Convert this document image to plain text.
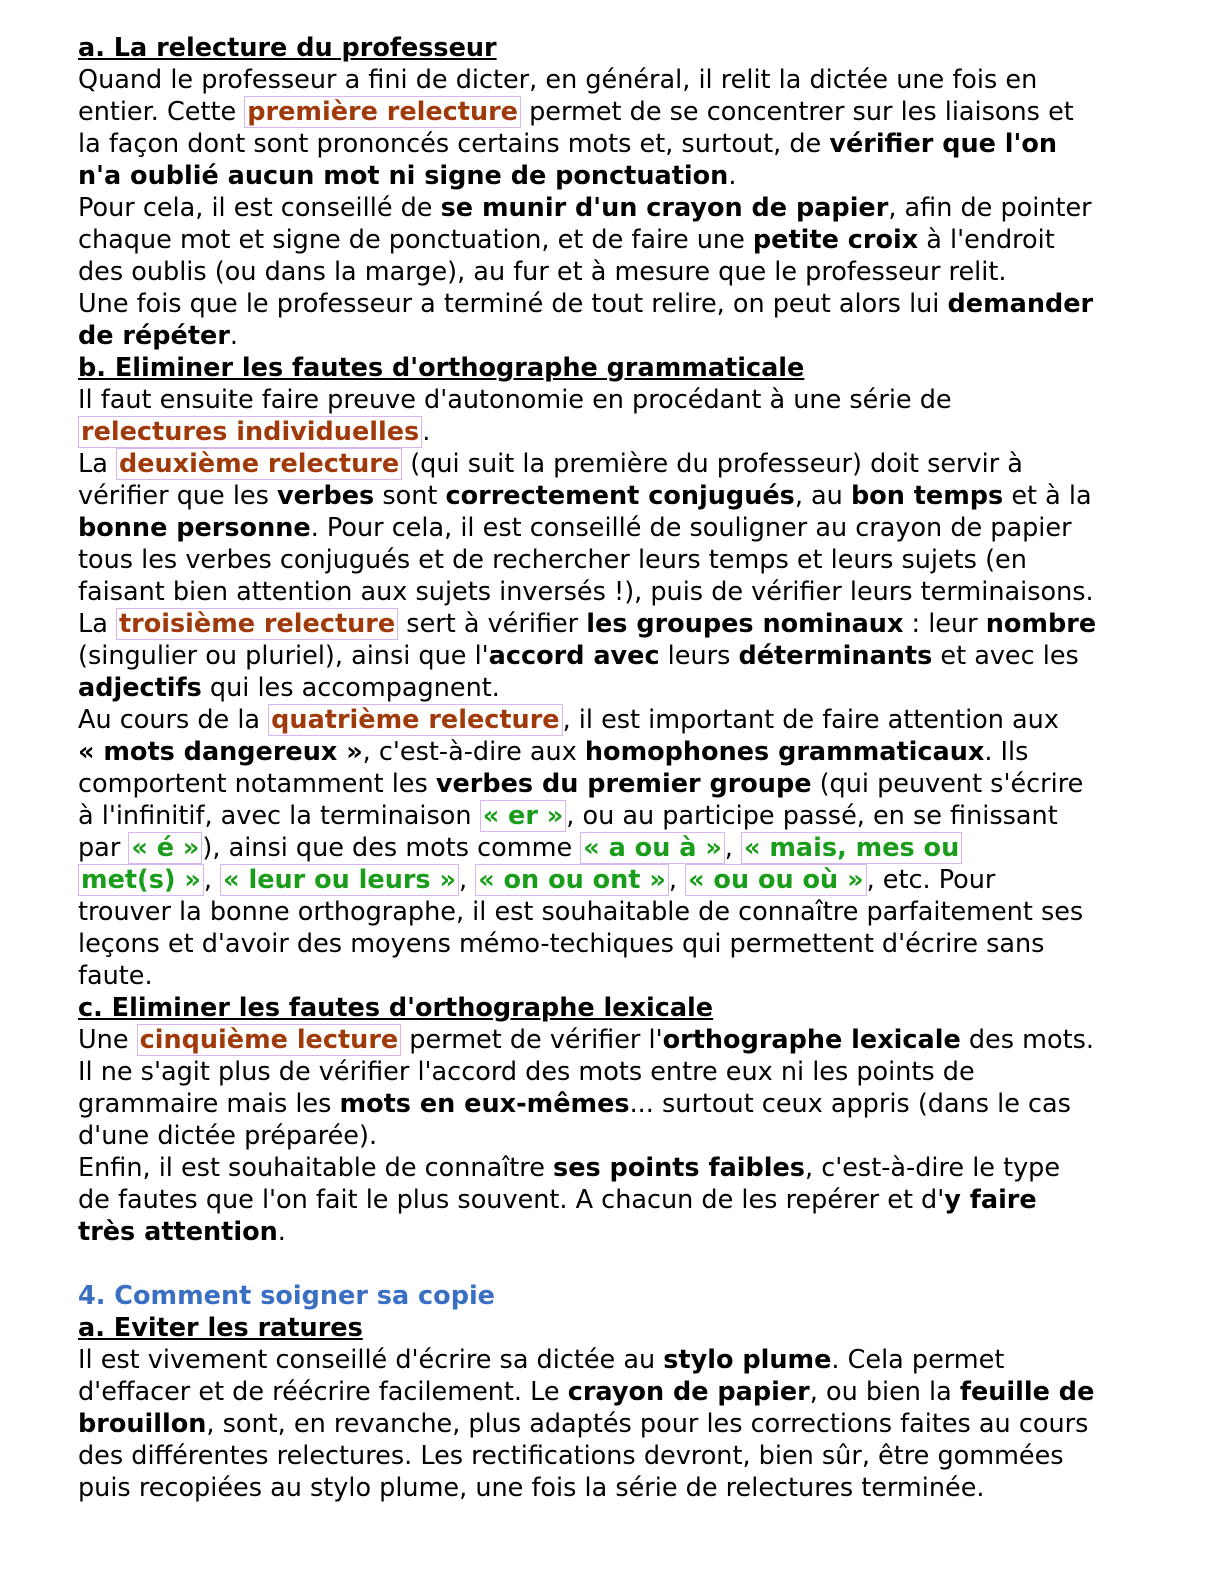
a. La relecture du professeur
Quand le professeur a fini de dicter, en général, il relit la dictée une fois en
entier. Cette première relecture permet de se concentrer sur les liaisons et
la façon dont sont prononcés certains mots et, surtout, de vérifier que l'on
n'a oublié aucun mot ni signe de ponctuation.
Pour cela, il est conseillé de se munir d'un crayon de papier, afin de pointer
chaque mot et signe de ponctuation, et de faire une petite croix à l'endroit
des oublis (ou dans la marge), au fur et à mesure que le professeur relit.
Une fois que le professeur a terminé de tout relire, on peut alors lui demander
de répéter.
b. Eliminer les fautes d'orthographe grammaticale
Il faut ensuite faire preuve d'autonomie en procédant à une série de
relectures individuelles .
La deuxième relecture (qui suit la première du professeur) doit servir à
vérifier que les verbes sont correctement conjugués, au bon temps et à la
bonne personne. Pour cela, il est conseillé de souligner au crayon de papier
tous les verbes conjugués et de rechercher leurs temps et leurs sujets (en
faisant bien attention aux sujets inversés !), puis de vérifier leurs terminaisons.
La troisième relecture sert à vérifier les groupes nominaux : leur nombre
(singulier ou pluriel), ainsi que l'accord avec leurs déterminants et avec les
adjectifs qui les accompagnent.
Au cours de la quatrième relecture , il est important de faire attention aux
« mots dangereux », c'est-à-dire aux homophones grammaticaux. Ils
comportent notamment les verbes du premier groupe (qui peuvent s'écrire
à l'infinitif, avec la terminaison « er » , ou au participe passé, en se finissant
par « é » ), ainsi que des mots comme « a ou à » , « mais, mes ou
met(s) » , « leur ou leurs » , « on ou ont » , « ou ou où » , etc. Pour
trouver la bonne orthographe, il est souhaitable de connaître parfaitement ses
leçons et d'avoir des moyens mémo-techiques qui permettent d'écrire sans
faute.
c. Eliminer les fautes d'orthographe lexicale
Une cinquième lecture permet de vérifier l'orthographe lexicale des mots.
Il ne s'agit plus de vérifier l'accord des mots entre eux ni les points de
grammaire mais les mots en eux-mêmes... surtout ceux appris (dans le cas
d'une dictée préparée).
Enfin, il est souhaitable de connaître ses points faibles, c'est-à-dire le type
de fautes que l'on fait le plus souvent. A chacun de les repérer et d'y faire
très attention.
4. Comment soigner sa copie
a. Eviter les ratures
Il est vivement conseillé d'écrire sa dictée au stylo plume. Cela permet
d'effacer et de réécrire facilement. Le crayon de papier, ou bien la feuille de
brouillon, sont, en revanche, plus adaptés pour les corrections faites au cours
des différentes relectures. Les rectifications devront, bien sûr, être gommées
puis recopiées au stylo plume, une fois la série de relectures terminée.
